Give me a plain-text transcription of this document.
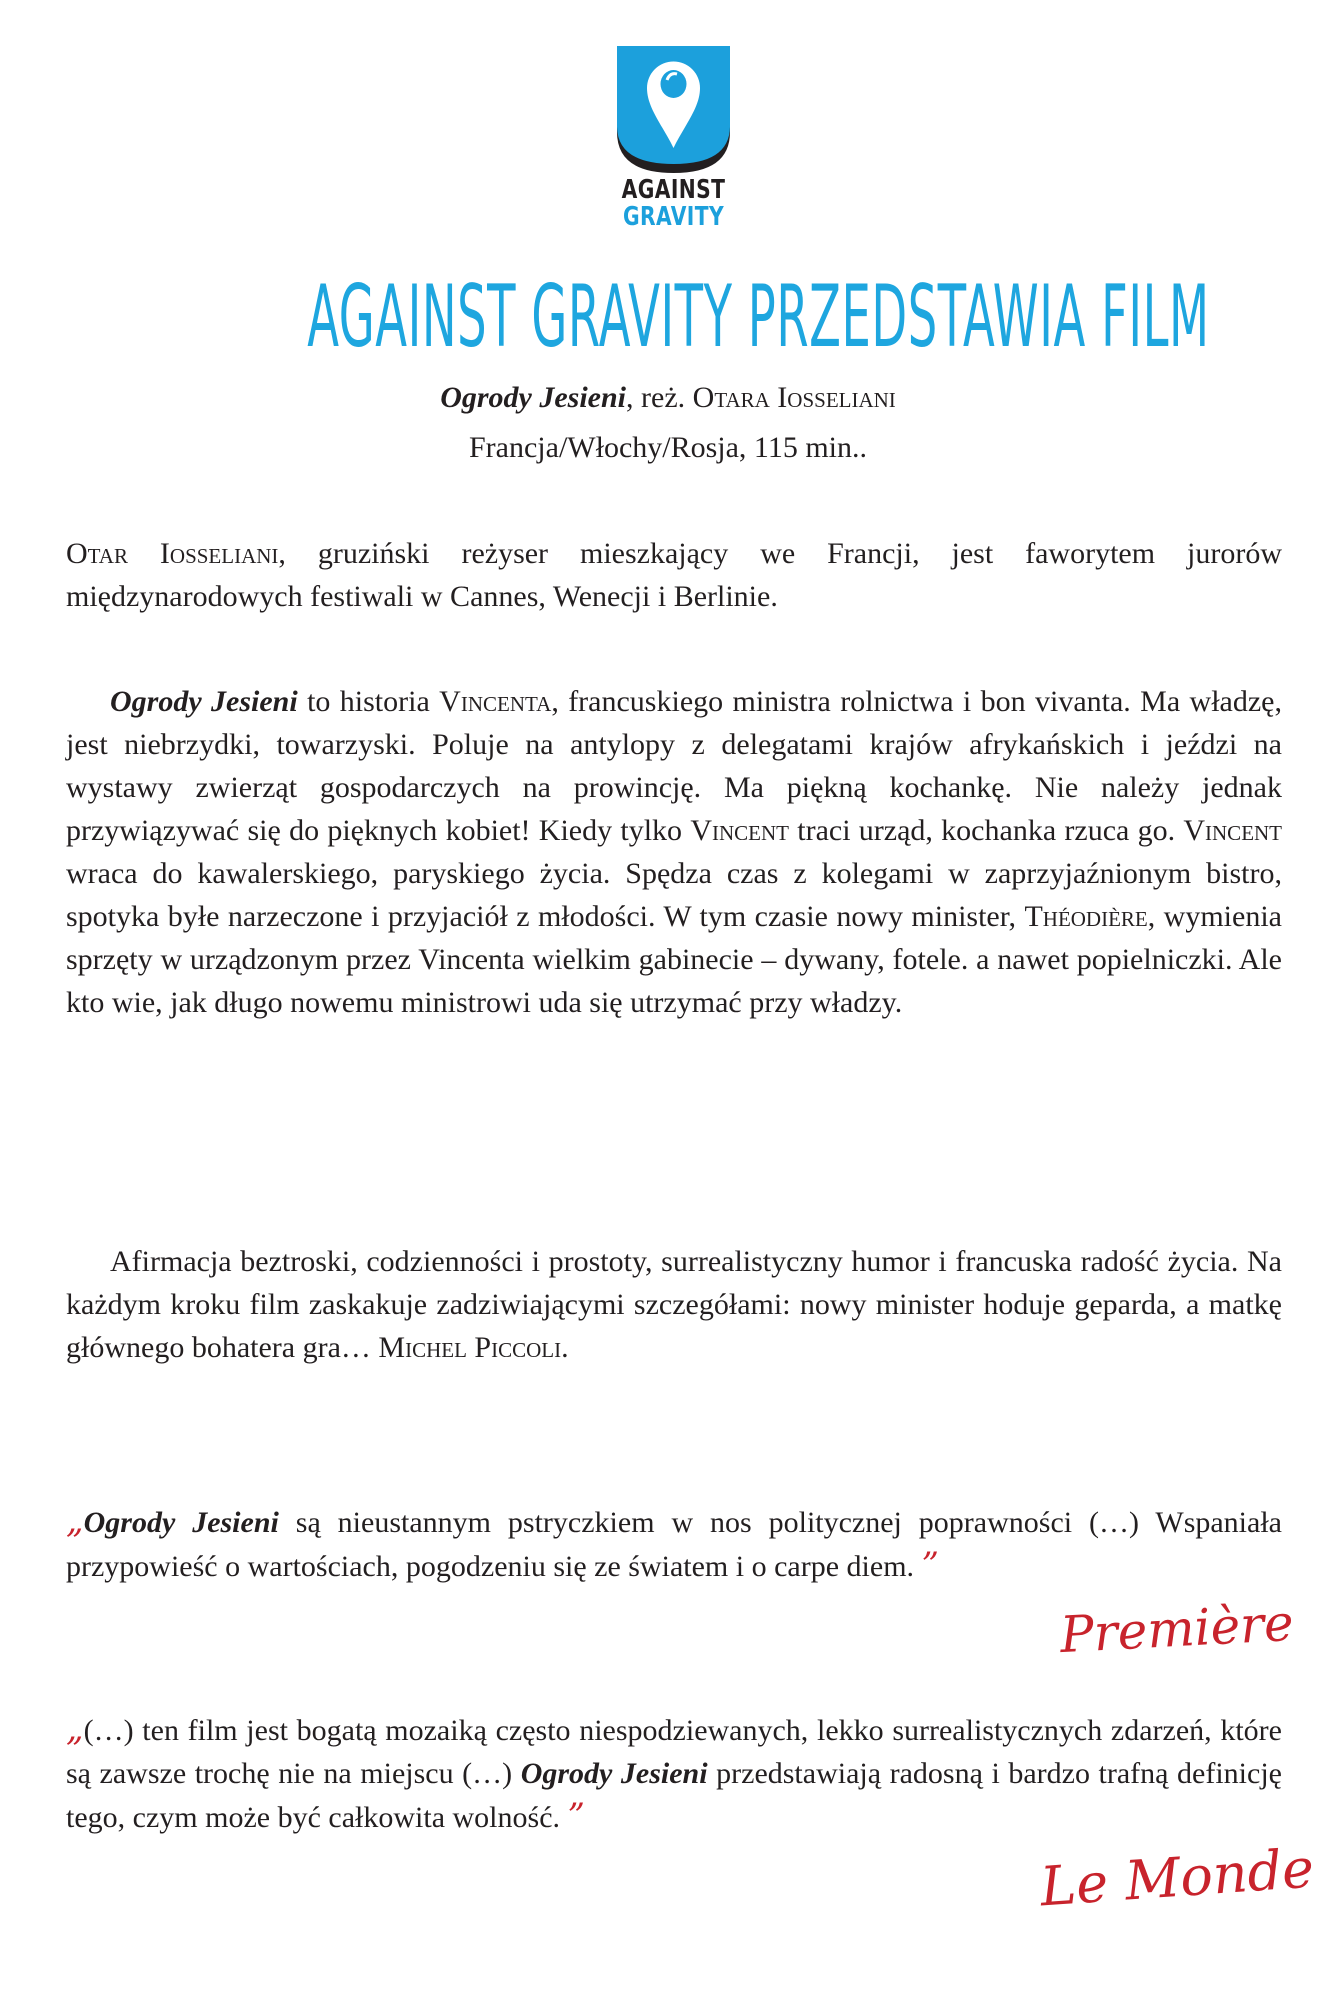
AGAINST
GRAVITY
AGAINST GRAVITY PRZEDSTAWIA FILM
Ogrody Jesieni, reż. Otara Iosseliani
Francja/Włochy/Rosja, 115 min..

Otar Iosseliani, gruziński reżyser mieszkający we Francji, jest faworytem jurorów międzynarodowych festiwali w Cannes, Wenecji i Berlinie.

Ogrody Jesieni to historia Vincenta, francuskiego ministra rolnictwa i bon vivanta. Ma władzę, jest niebrzydki, towarzyski. Poluje na antylopy z delegatami krajów afrykańskich i jeździ na wystawy zwierząt gospodarczych na prowincję. Ma piękną kochankę. Nie należy jednak przywiązywać się do pięknych kobiet! Kiedy tylko Vincent traci urząd, kochanka rzuca go. Vincent wraca do kawalerskiego, paryskiego życia. Spędza czas z kolegami w zaprzyjaźnionym bistro, spotyka byłe narzeczone i przyjaciół z młodości. W tym czasie nowy minister, Théodière, wymienia sprzęty w urządzonym przez Vincenta wielkim gabinecie – dywany, fotele. a nawet popielniczki. Ale kto wie, jak długo nowemu ministrowi uda się utrzymać przy władzy.

Afirmacja beztroski, codzienności i prostoty, surrealistyczny humor i francuska radość życia. Na każdym kroku film zaskakuje zadziwiającymi szczegółami: nowy minister hoduje geparda, a matkę głównego bohatera gra… Michel Piccoli.

„Ogrody Jesieni są nieustannym pstryczkiem w nos politycznej poprawności (…) Wspaniała przypowieść o wartościach, pogodzeniu się ze światem i o carpe diem. ”

Première

„(…) ten film jest bogatą mozaiką często niespodziewanych, lekko surrealistycznych zdarzeń, które są zawsze trochę nie na miejscu (…) Ogrody Jesieni przedstawiają radosną i bardzo trafną definicję tego, czym może być całkowita wolność. ”

Le Monde
